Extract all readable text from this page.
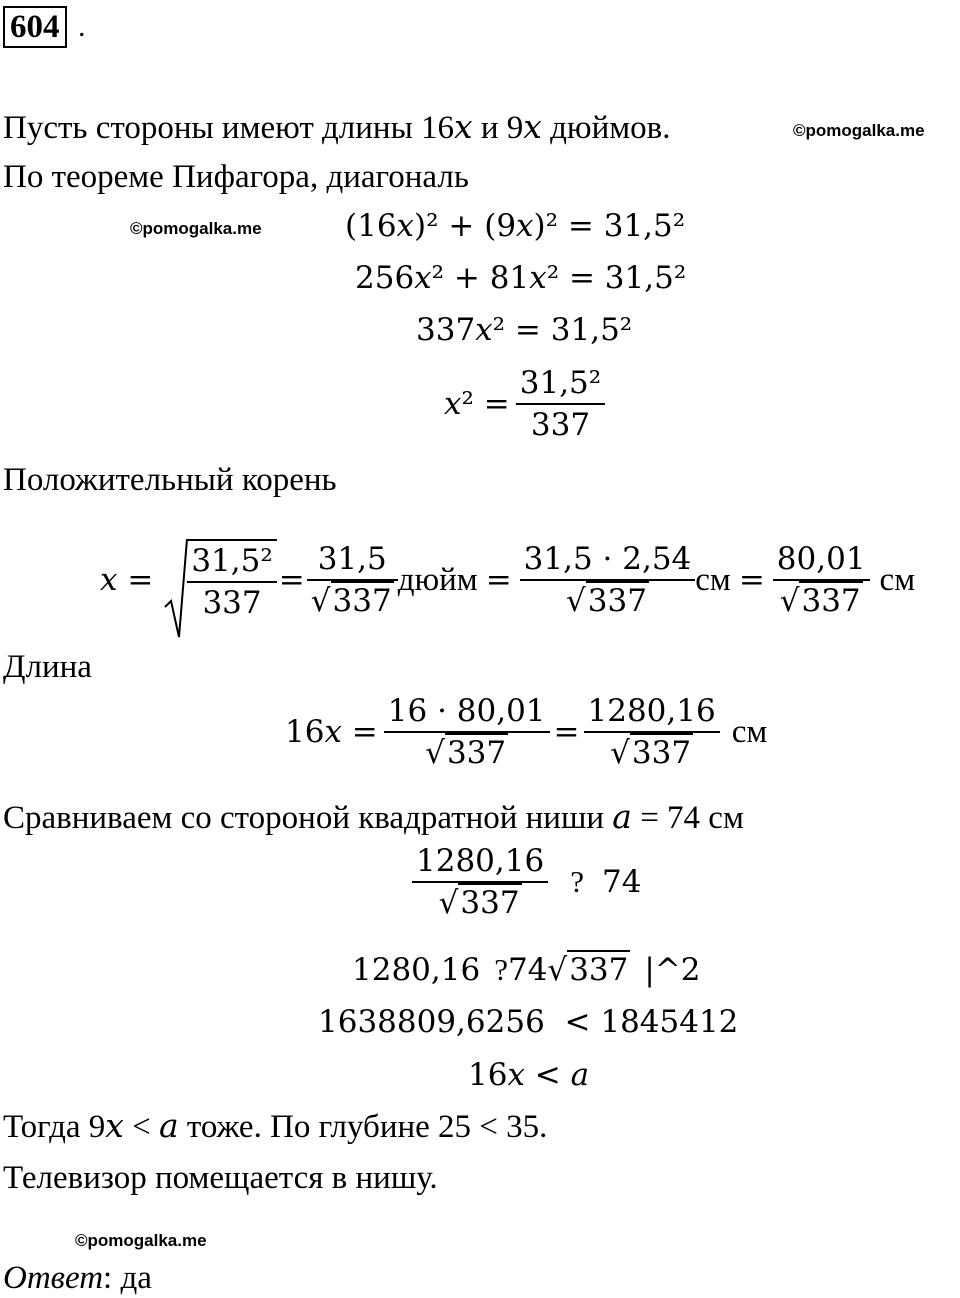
604 .
Пусть стороны имеют длины 16𝑥 и 9𝑥 дюймов.	©pomogalka.me
По теореме Пифагора, диагональ
©pomogalka.me	(16𝑥)² + (9𝑥)² = 31,5²
256𝑥² + 81𝑥² = 31,5²
337𝑥² = 31,5²
𝑥² = $\frac{\text{31,5²}}{337}$
Положительный корень
𝑥 = $\frac{\text{31,5²}}{337} = \frac{31,5}{√337}$ дюйм = $\frac{31,5 \cdot 2,54}{√337}$ см = $\frac{80,01}{√337}$ см
Длина
16𝑥 = $\frac{16 \cdot 80,01}{√337} = \frac{1280,16}{√337}$ см
Сравниваем со стороной квадратной ниши 𝑎 = 74 см
$\frac{1280,16}{√337}$ ? 74
1280,16 ? 74 √337 |^2
1638809,6256  < 1845412
16𝑥 < 𝑎
Тогда 9𝑥 < 𝑎 тоже. По глубине 25 < 35.
Телевизор помещается в нишу.
©pomogalka.me
Ответ: да
